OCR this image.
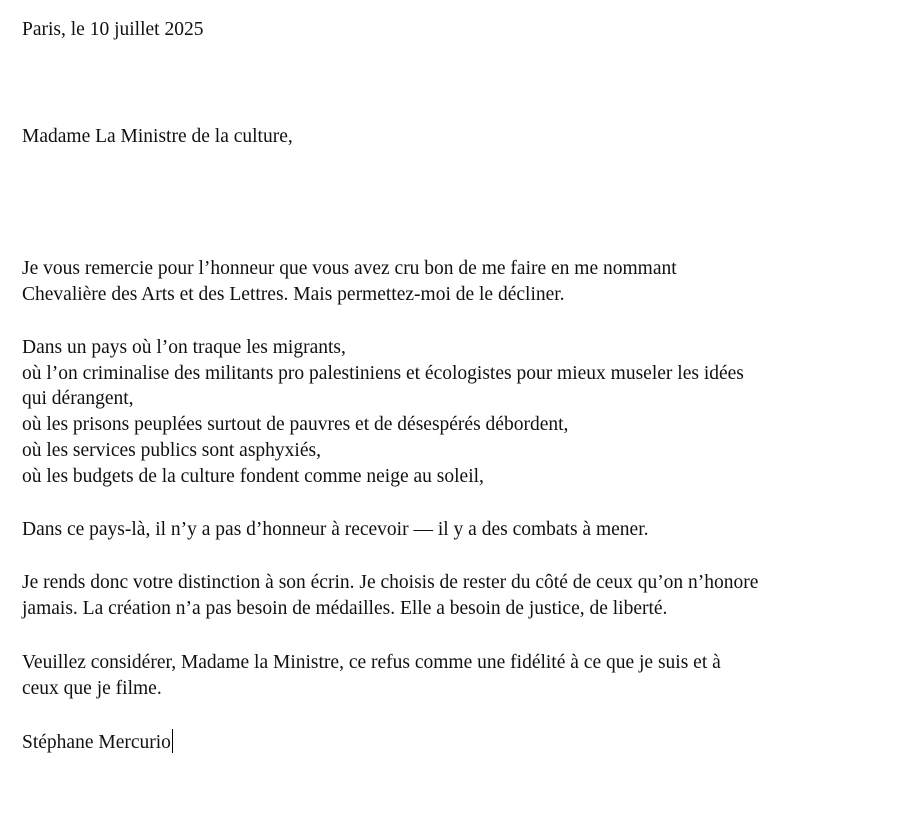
Paris, le 10 juillet 2025
Madame La Ministre de la culture,
Je vous remercie pour l’honneur que vous avez cru bon de me faire en me nommant
Chevalière des Arts et des Lettres. Mais permettez-moi de le décliner.
Dans un pays où l’on traque les migrants,
où l’on criminalise des militants pro palestiniens et écologistes pour mieux museler les idées
qui dérangent,
où les prisons peuplées surtout de pauvres et de désespérés débordent,
où les services publics sont asphyxiés,
où les budgets de la culture fondent comme neige au soleil,
Dans ce pays-là, il n’y a pas d’honneur à recevoir — il y a des combats à mener.
Je rends donc votre distinction à son écrin. Je choisis de rester du côté de ceux qu’on n’honore
jamais. La création n’a pas besoin de médailles. Elle a besoin de justice, de liberté.
Veuillez considérer, Madame la Ministre, ce refus comme une fidélité à ce que je suis et à
ceux que je filme.
Stéphane Mercurio
